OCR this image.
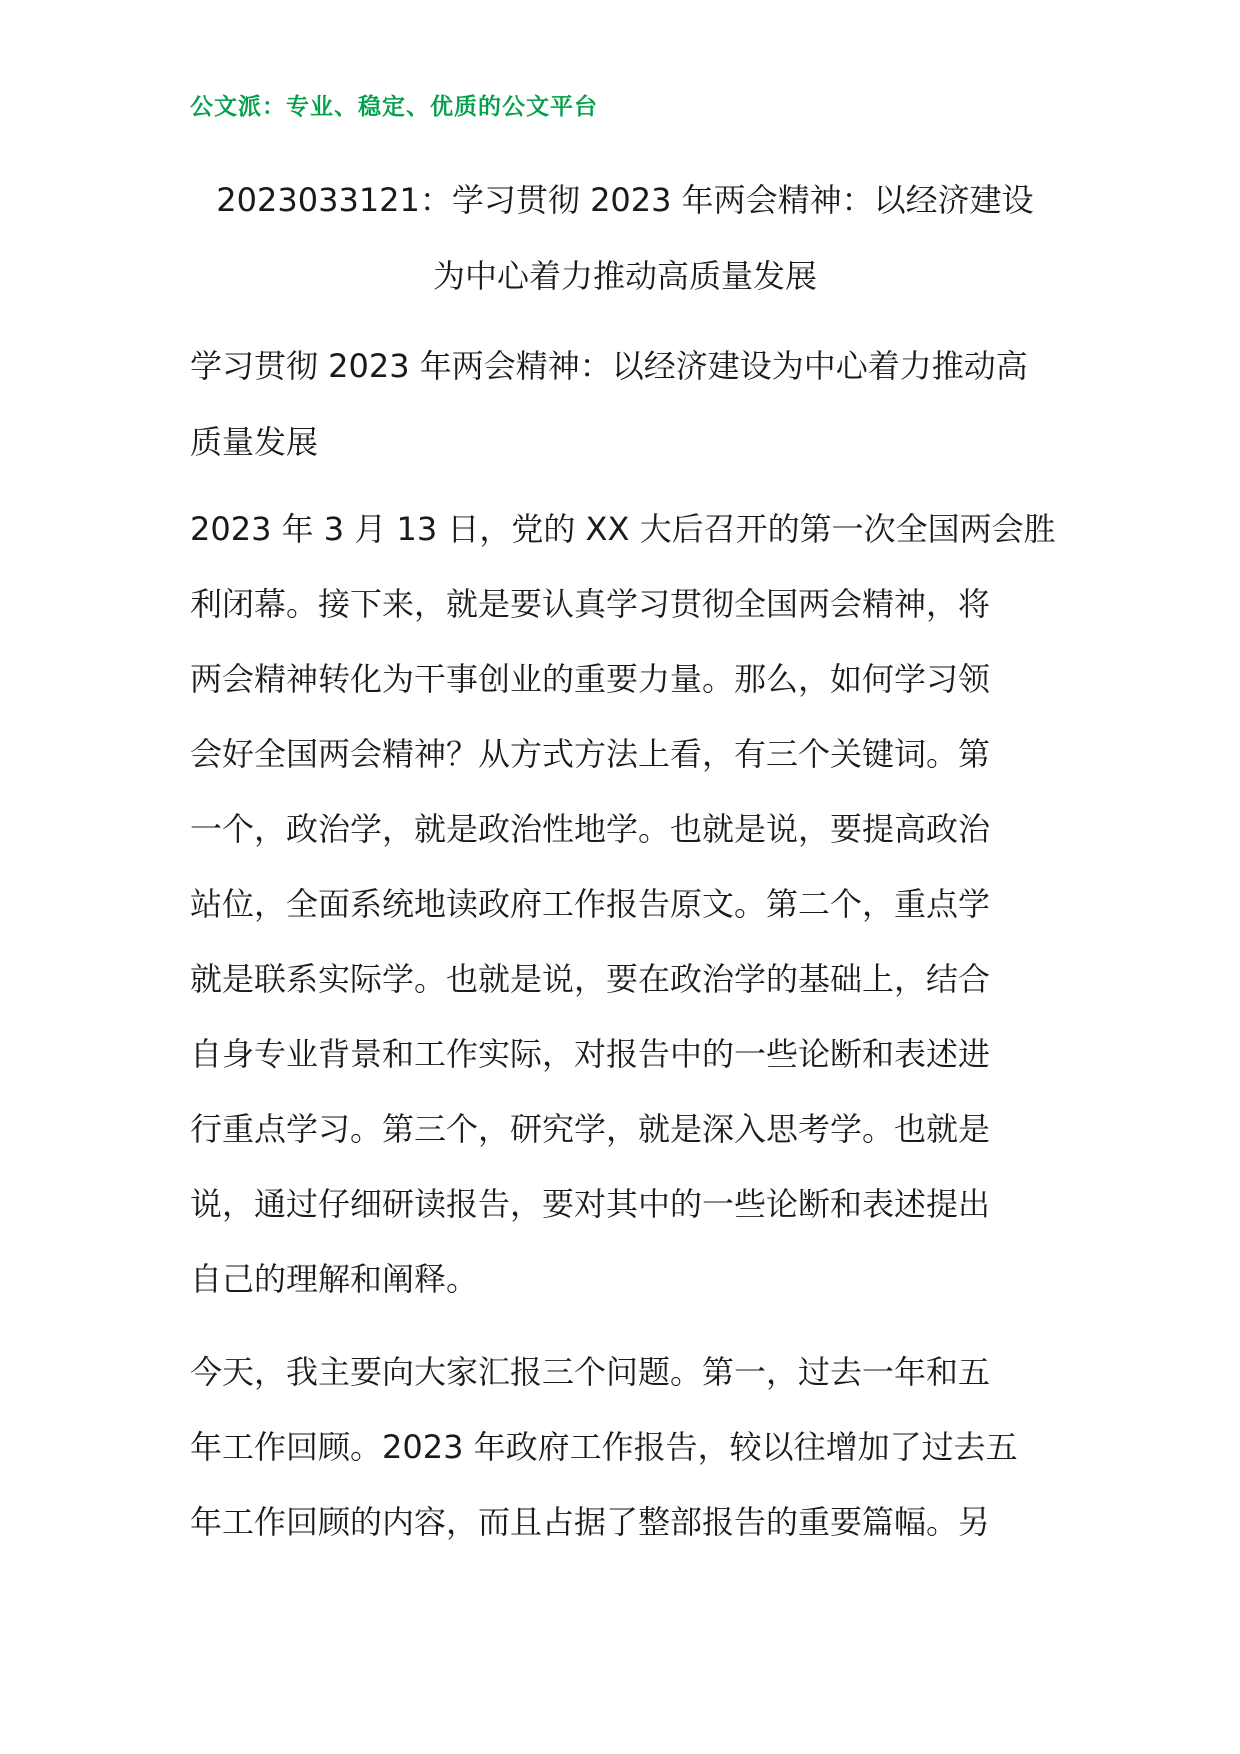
公文派：专业、稳定、优质的公文平台
2023033121：学习贯彻 2023 年两会精神：以经济建设
为中心着力推动高质量发展
学习贯彻 2023 年两会精神：以经济建设为中心着力推动高
质量发展
2023 年 3 月 13 日，党的 XX 大后召开的第一次全国两会胜
利闭幕。接下来，就是要认真学习贯彻全国两会精神，将
两会精神转化为干事创业的重要力量。那么，如何学习领
会好全国两会精神？从方式方法上看，有三个关键词。第
一个，政治学，就是政治性地学。也就是说，要提高政治
站位，全面系统地读政府工作报告原文。第二个，重点学
就是联系实际学。也就是说，要在政治学的基础上，结合
自身专业背景和工作实际，对报告中的一些论断和表述进
行重点学习。第三个，研究学，就是深入思考学。也就是
说，通过仔细研读报告，要对其中的一些论断和表述提出
自己的理解和阐释。
今天，我主要向大家汇报三个问题。第一，过去一年和五
年工作回顾。2023 年政府工作报告，较以往增加了过去五
年工作回顾的内容，而且占据了整部报告的重要篇幅。另
